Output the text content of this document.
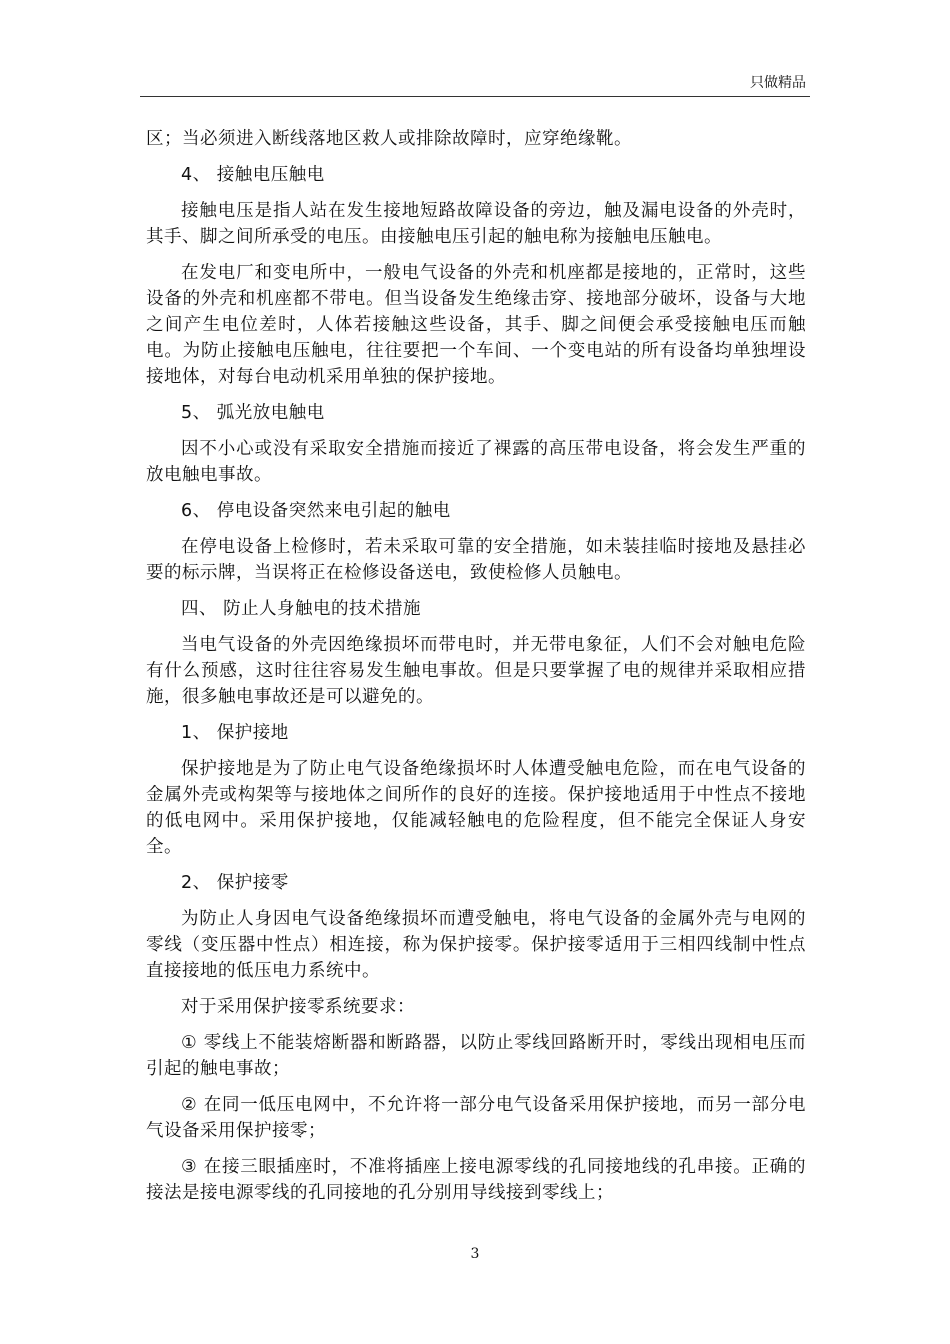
只做精品

区；当必须进入断线落地区救人或排除故障时，应穿绝缘靴。

4、 接触电压触电

接触电压是指人站在发生接地短路故障设备的旁边，触及漏电设备的外壳时，其手、脚之间所承受的电压。由接触电压引起的触电称为接触电压触电。

在发电厂和变电所中，一般电气设备的外壳和机座都是接地的，正常时，这些设备的外壳和机座都不带电。但当设备发生绝缘击穿、接地部分破坏，设备与大地之间产生电位差时，人体若接触这些设备，其手、脚之间便会承受接触电压而触电。为防止接触电压触电，往往要把一个车间、一个变电站的所有设备均单独埋设接地体，对每台电动机采用单独的保护接地。

5、 弧光放电触电

因不小心或没有采取安全措施而接近了裸露的高压带电设备，将会发生严重的放电触电事故。

6、 停电设备突然来电引起的触电

在停电设备上检修时，若未采取可靠的安全措施，如未装挂临时接地及悬挂必要的标示牌，当误将正在检修设备送电，致使检修人员触电。

四、 防止人身触电的技术措施

当电气设备的外壳因绝缘损坏而带电时，并无带电象征，人们不会对触电危险有什么预感，这时往往容易发生触电事故。但是只要掌握了电的规律并采取相应措施，很多触电事故还是可以避免的。

1、 保护接地

保护接地是为了防止电气设备绝缘损坏时人体遭受触电危险，而在电气设备的金属外壳或构架等与接地体之间所作的良好的连接。保护接地适用于中性点不接地的低电网中。采用保护接地，仅能减轻触电的危险程度，但不能完全保证人身安全。

2、 保护接零

为防止人身因电气设备绝缘损坏而遭受触电，将电气设备的金属外壳与电网的零线（变压器中性点）相连接，称为保护接零。保护接零适用于三相四线制中性点直接接地的低压电力系统中。

对于采用保护接零系统要求：

① 零线上不能装熔断器和断路器，以防止零线回路断开时，零线出现相电压而引起的触电事故；

② 在同一低压电网中，不允许将一部分电气设备采用保护接地，而另一部分电气设备采用保护接零；

③ 在接三眼插座时，不准将插座上接电源零线的孔同接地线的孔串接。正确的接法是接电源零线的孔同接地的孔分别用导线接到零线上；

3
